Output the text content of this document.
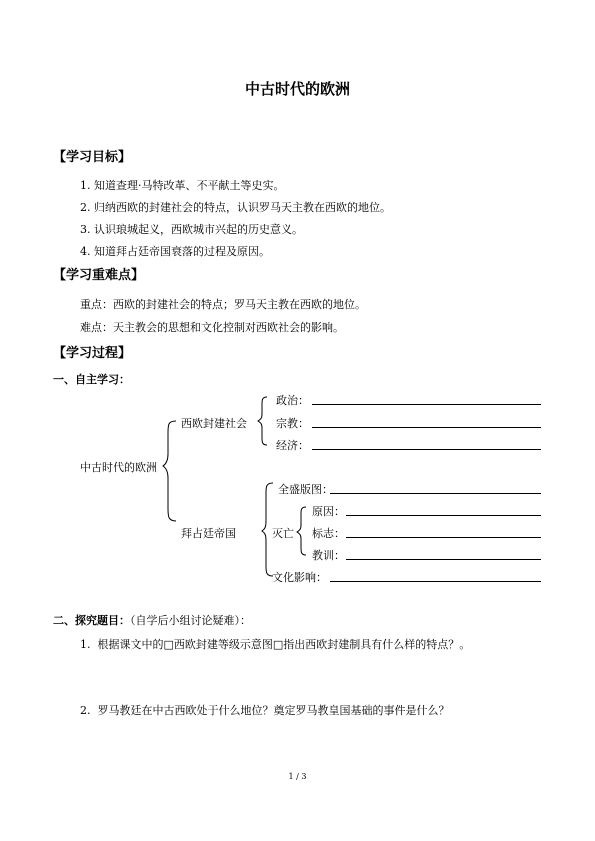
中古时代的欧洲
【学习目标】
1. 知道查理·马特改革、不平献土等史实。
2. 归纳西欧的封建社会的特点，认识罗马天主教在西欧的地位。
3. 认识琅城起义，西欧城市兴起的历史意义。
4. 知道拜占廷帝国衰落的过程及原因。
【学习重难点】
重点：西欧的封建社会的特点；罗马天主教在西欧的地位。
难点：天主教会的思想和文化控制对西欧社会的影响。
【学习过程】
一、自主学习：
中古时代的欧洲
西欧封建社会
政治：
宗教：
经济：
拜占廷帝国
全盛版图：
灭亡
原因：
标志：
教训：
文化影响：
二、探究题目：（自学后小组讨论疑难）：
1. 根据课文中的□西欧封建等级示意图□指出西欧封建制具有什么样的特点？。
2. 罗马教廷在中古西欧处于什么地位？奠定罗马教皇国基础的事件是什么？
1 / 3
